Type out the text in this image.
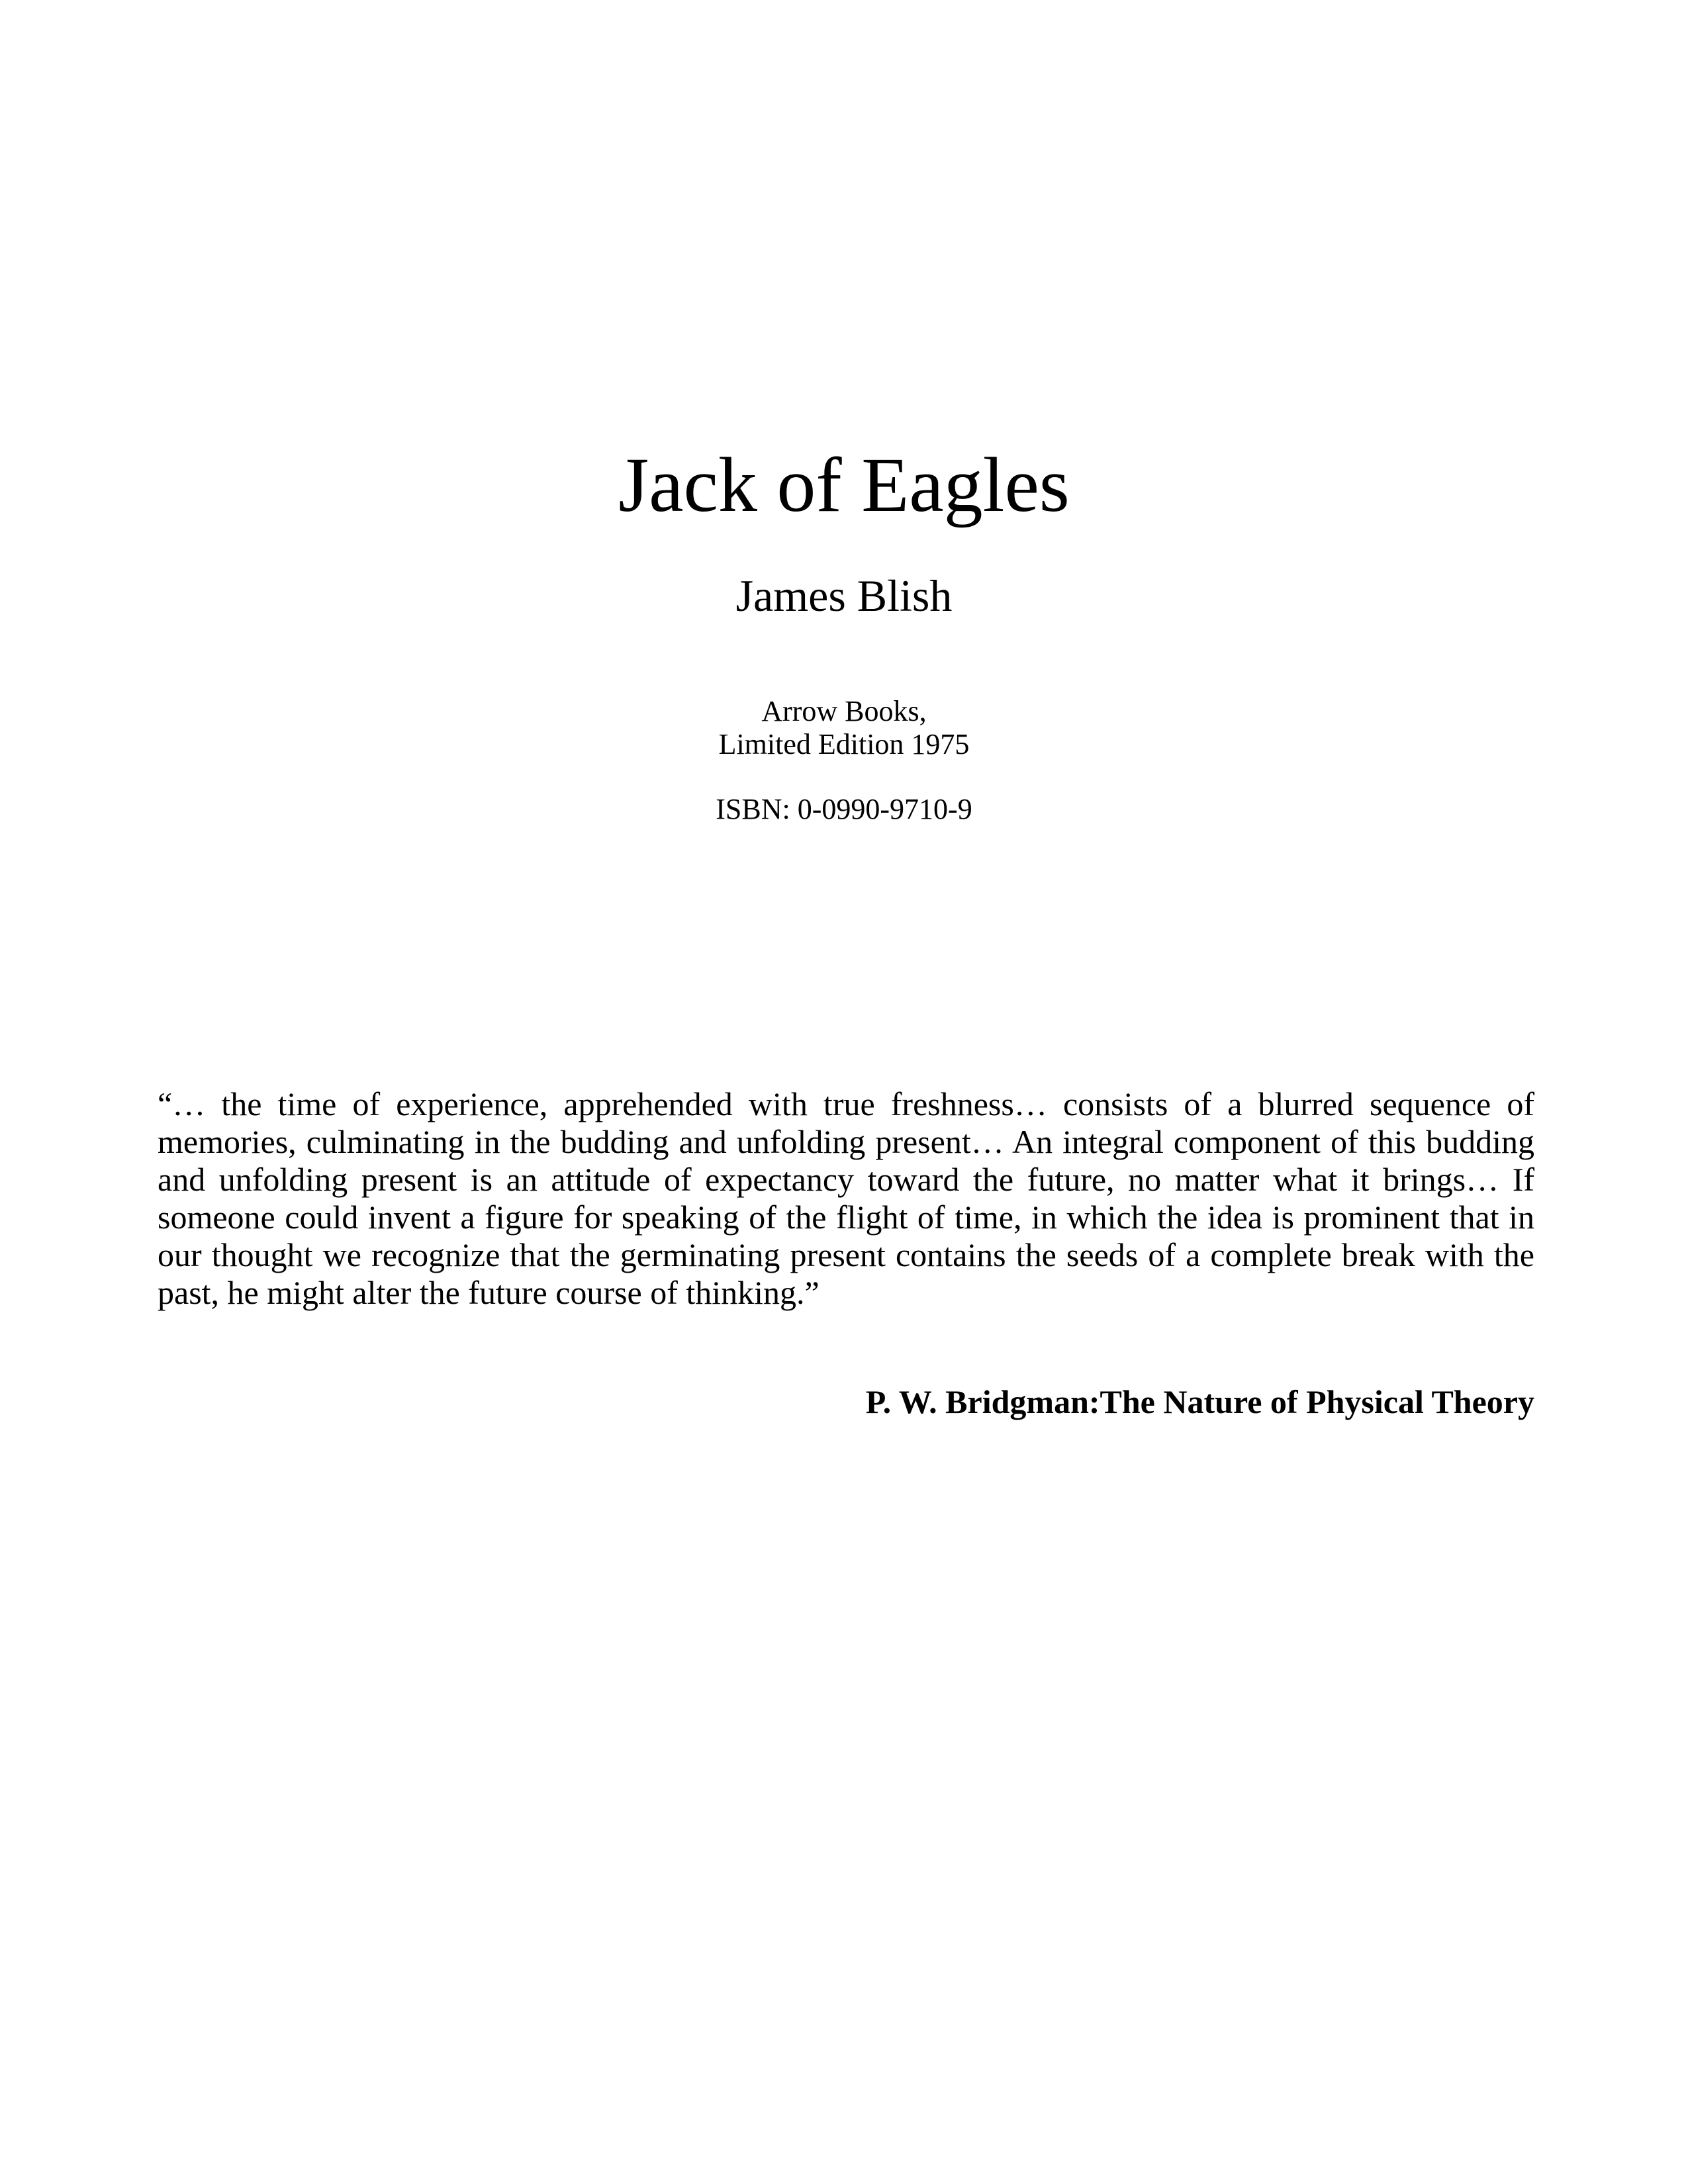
Jack of Eagles
James Blish
Arrow Books,
Limited Edition 1975
ISBN: 0-0990-9710-9

“… the time of experience, apprehended with true freshness… consists of a blurred sequence of memories, culminating in the budding and unfolding present… An integral component of this budding and unfolding present is an attitude of expectancy toward the future, no matter what it brings… If someone could invent a figure for speaking of the flight of time, in which the idea is prominent that in our thought we recognize that the germinating present contains the seeds of a complete break with the past, he might alter the future course of thinking.”

P. W. Bridgman:The Nature of Physical Theory
